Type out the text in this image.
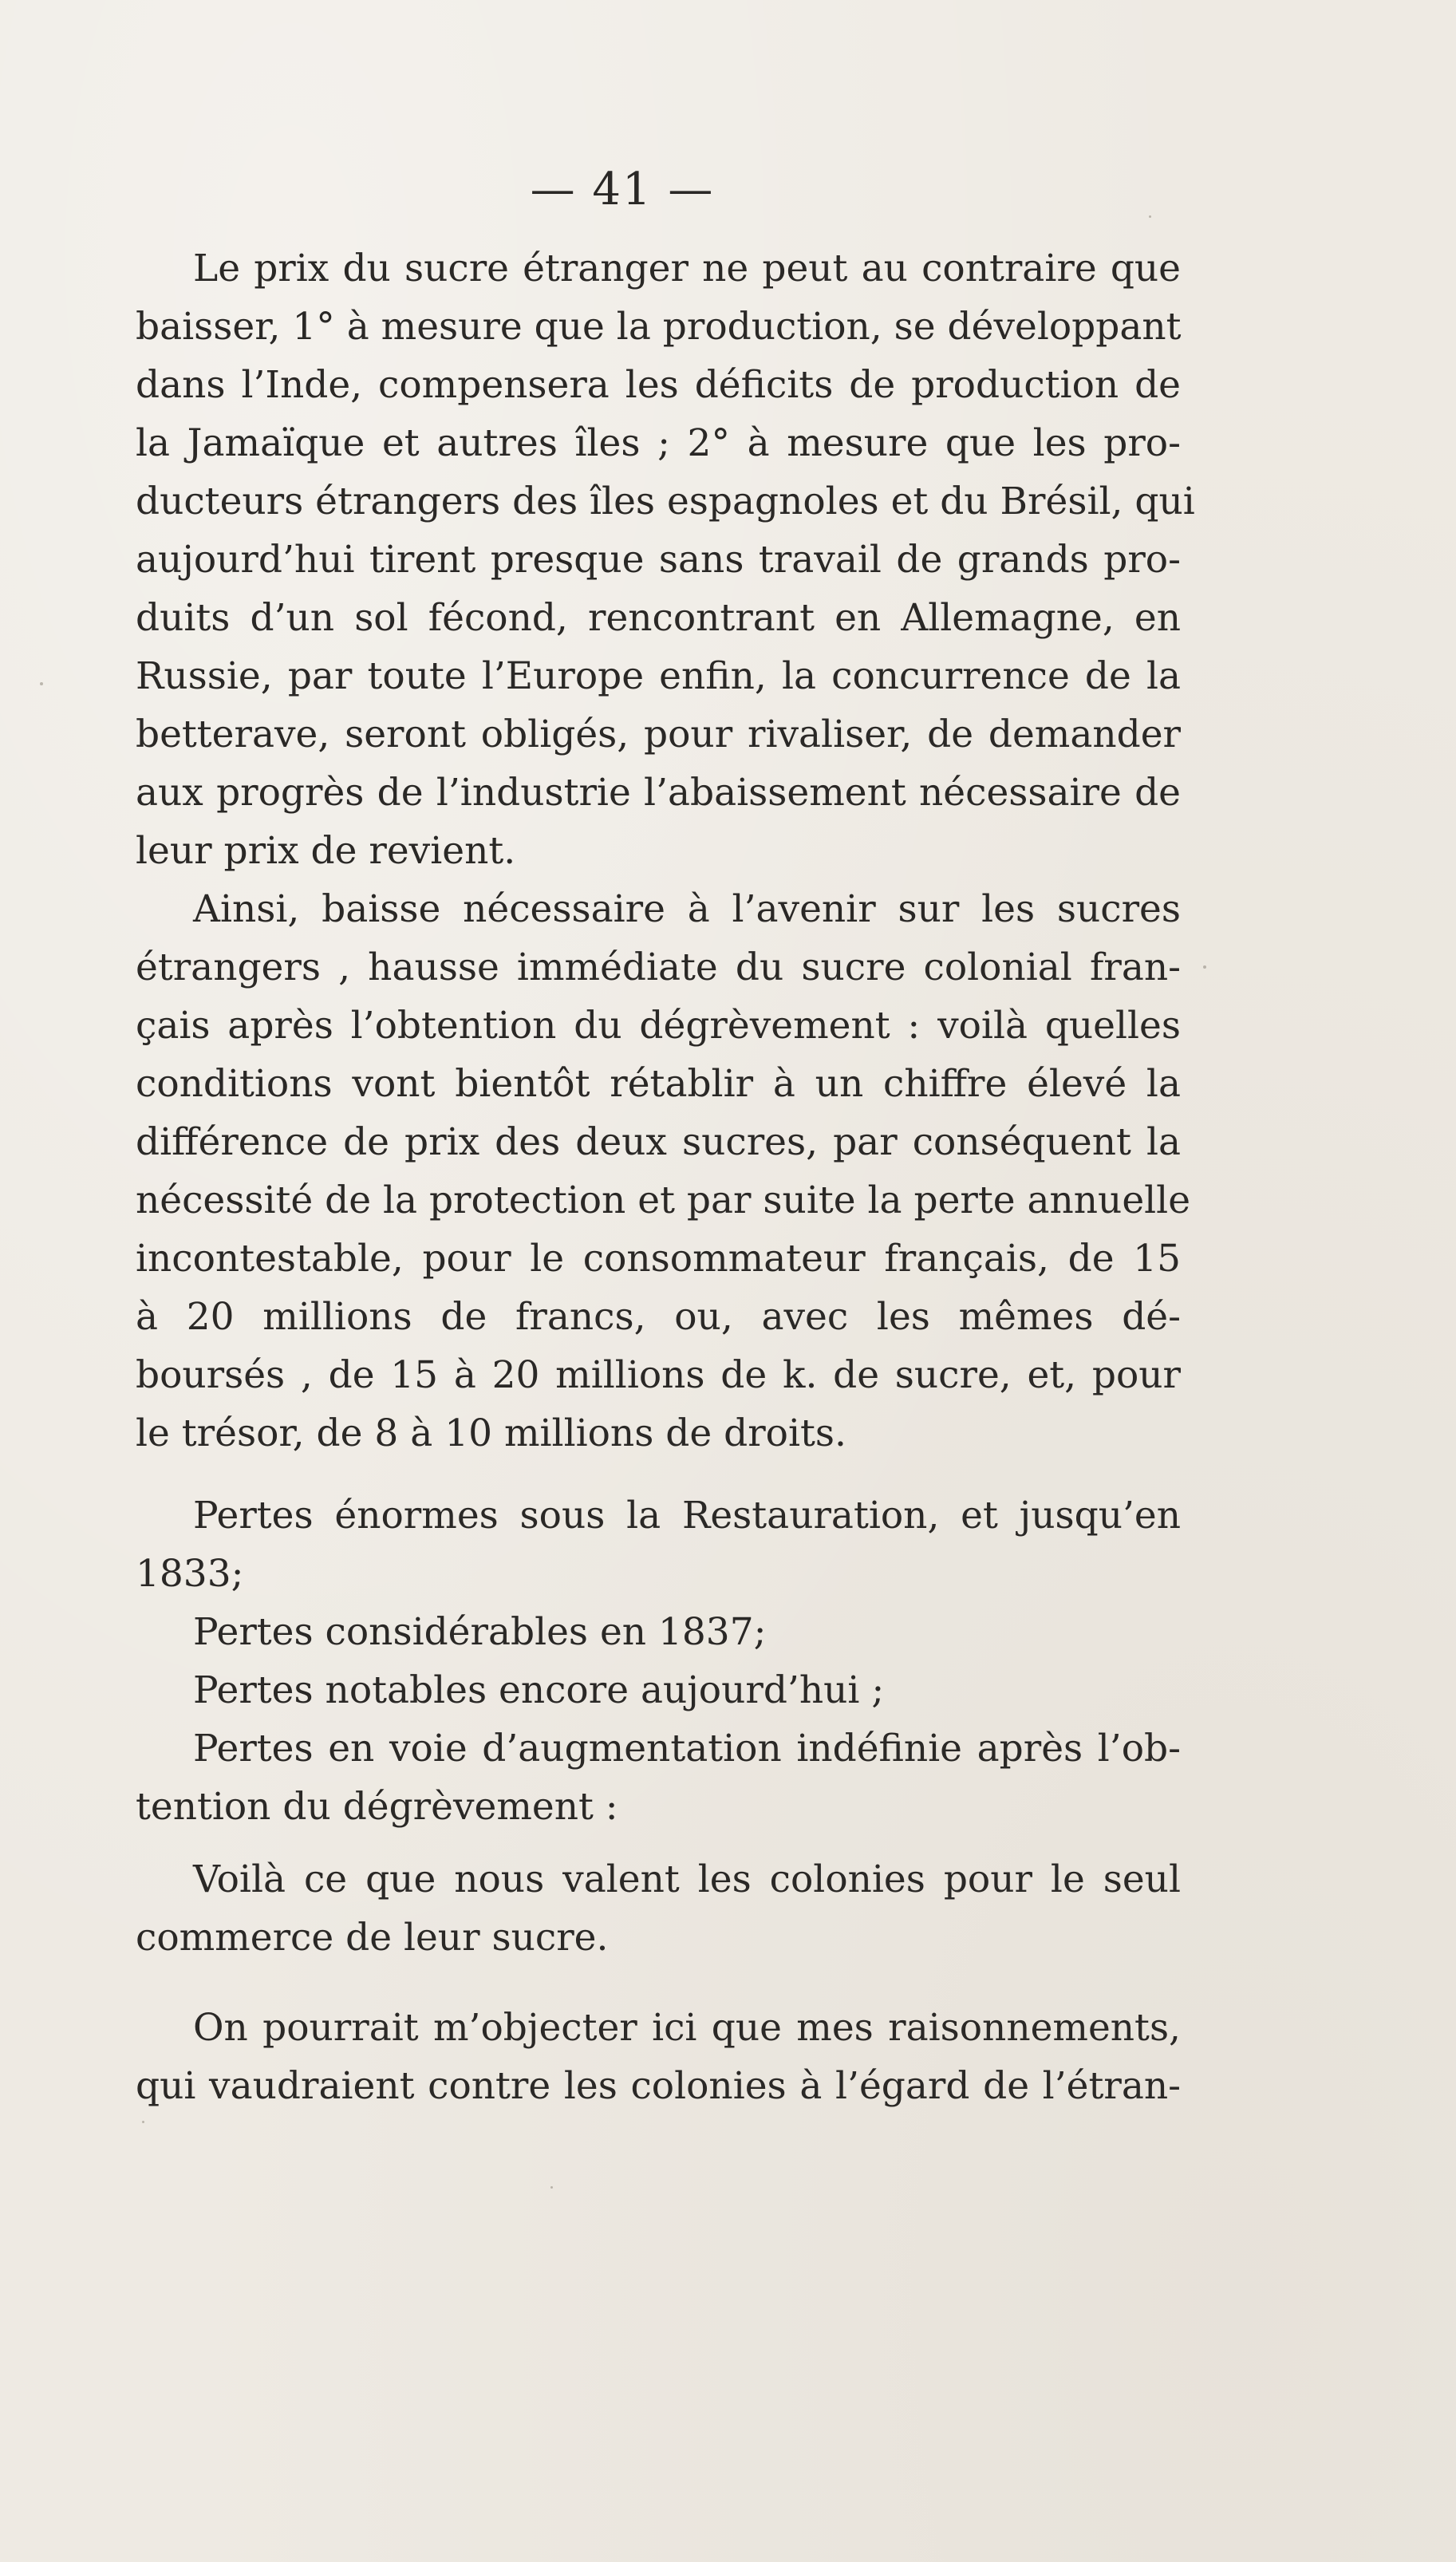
— 41 —
Le prix du sucre étranger ne peut au contraire que
baisser, 1° à mesure que la production, se développant
dans l’Inde, compensera les déficits de production de
la Jamaïque et autres îles ; 2° à mesure que les pro-
ducteurs étrangers des îles espagnoles et du Brésil, qui
aujourd’hui tirent presque sans travail de grands pro-
duits d’un sol fécond, rencontrant en Allemagne, en
Russie, par toute l’Europe enfin, la concurrence de la
betterave, seront obligés, pour rivaliser, de demander
aux progrès de l’industrie l’abaissement nécessaire de
leur prix de revient.
Ainsi, baisse nécessaire à l’avenir sur les sucres
étrangers , hausse immédiate du sucre colonial fran-
çais après l’obtention du dégrèvement : voilà quelles
conditions vont bientôt rétablir à un chiffre élevé la
différence de prix des deux sucres, par conséquent la
nécessité de la protection et par suite la perte annuelle
incontestable, pour le consommateur français, de 15
à 20 millions de francs, ou, avec les mêmes dé-
boursés , de 15 à 20 millions de k. de sucre, et, pour
le trésor, de 8 à 10 millions de droits.
Pertes énormes sous la Restauration, et jusqu’en
1833;
Pertes considérables en 1837;
Pertes notables encore aujourd’hui ;
Pertes en voie d’augmentation indéfinie après l’ob-
tention du dégrèvement :
Voilà ce que nous valent les colonies pour le seul
commerce de leur sucre.
On pourrait m’objecter ici que mes raisonnements,
qui vaudraient contre les colonies à l’égard de l’étran-
